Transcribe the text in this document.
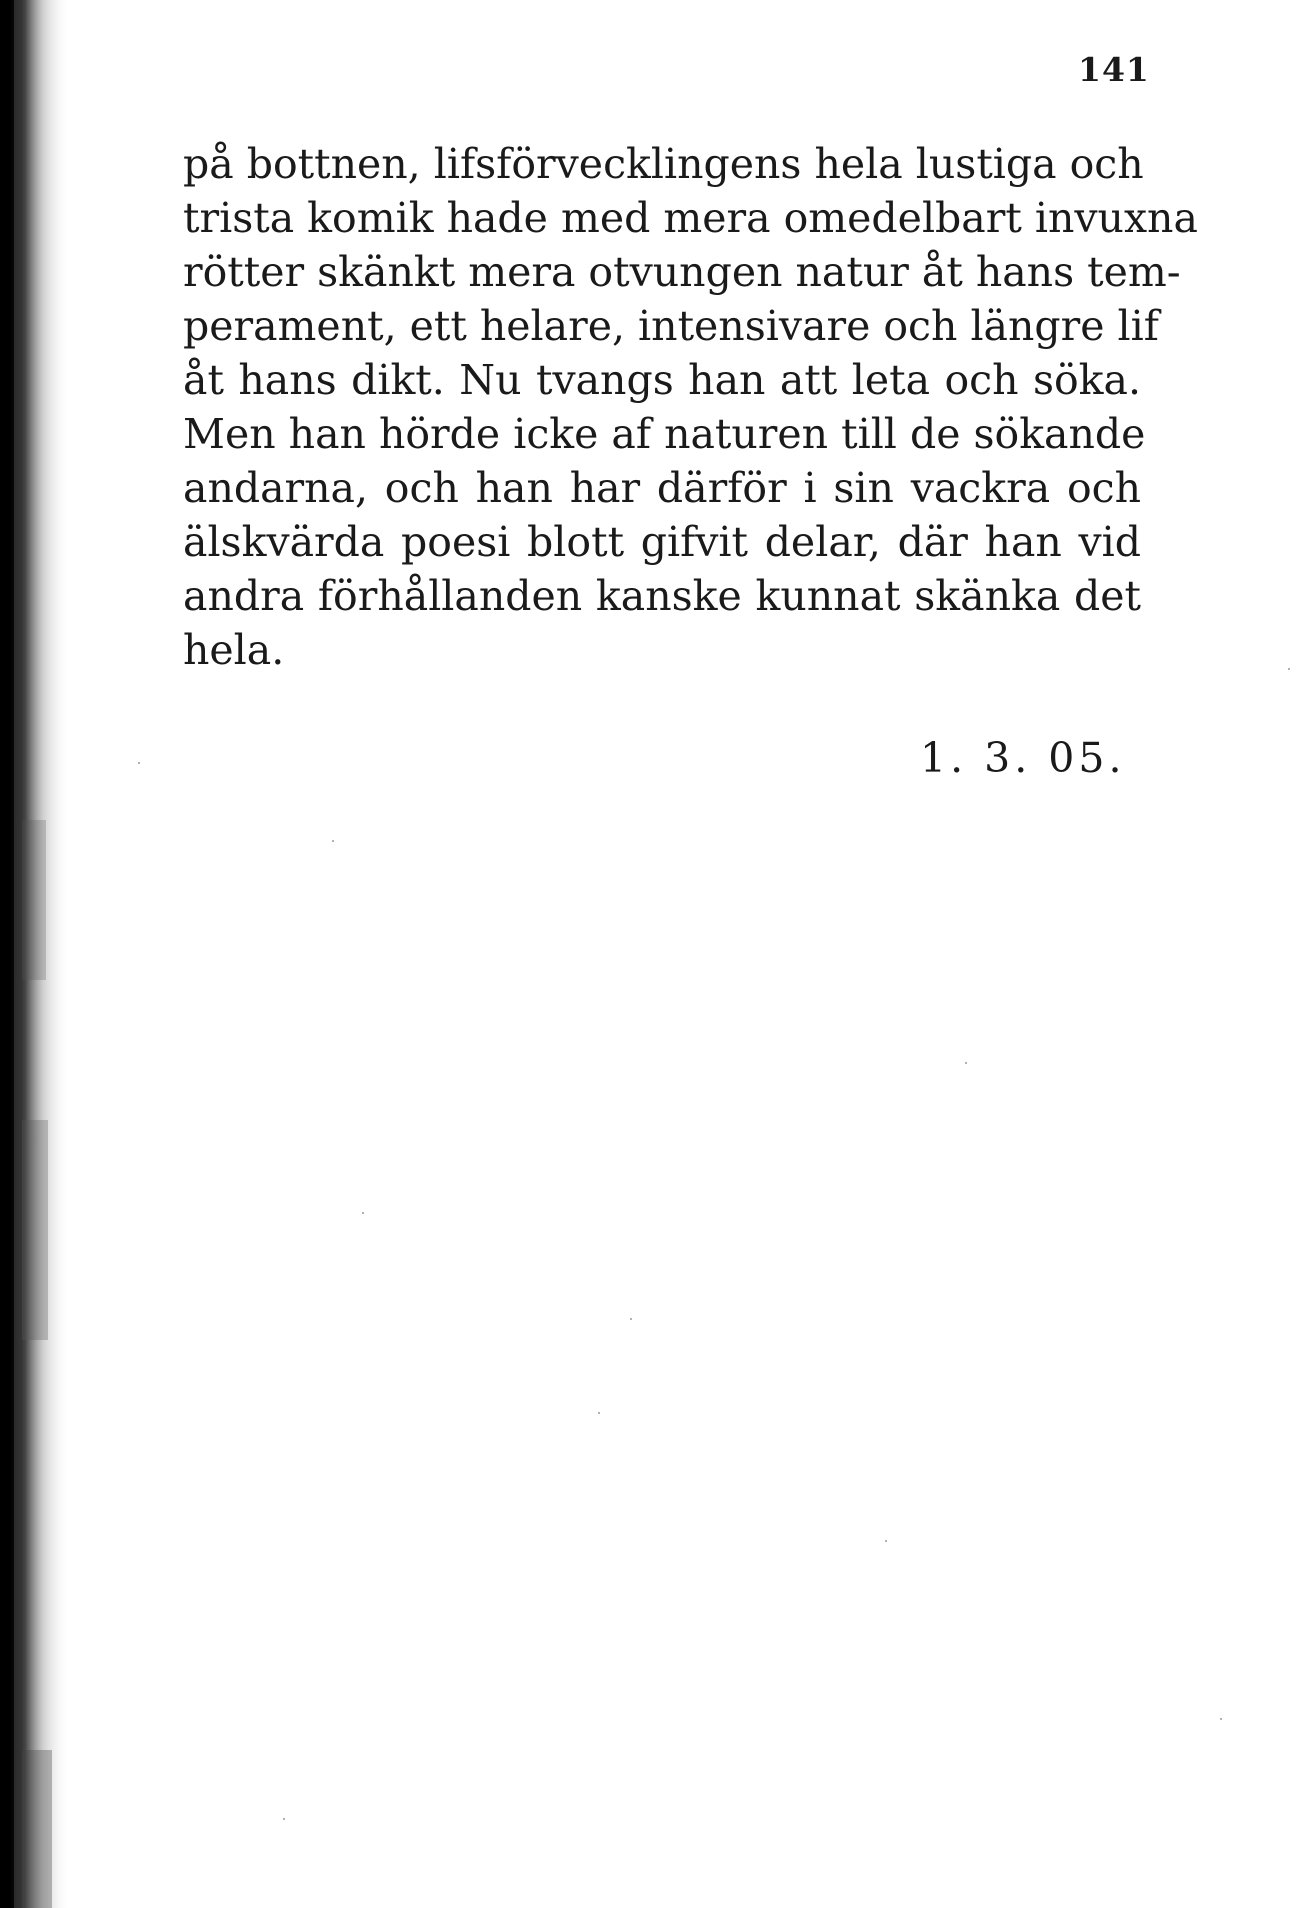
141
på bottnen, lifsförvecklingens hela lustiga och
trista komik hade med mera omedelbart invuxna
rötter skänkt mera otvungen natur åt hans tem-
perament, ett helare, intensivare och längre lif
åt hans dikt. Nu tvangs han att leta och söka.
Men han hörde icke af naturen till de sökande
andarna, och han har därför i sin vackra och
älskvärda poesi blott gifvit delar, där han vid
andra förhållanden kanske kunnat skänka det
hela.
1. 3. 05.
